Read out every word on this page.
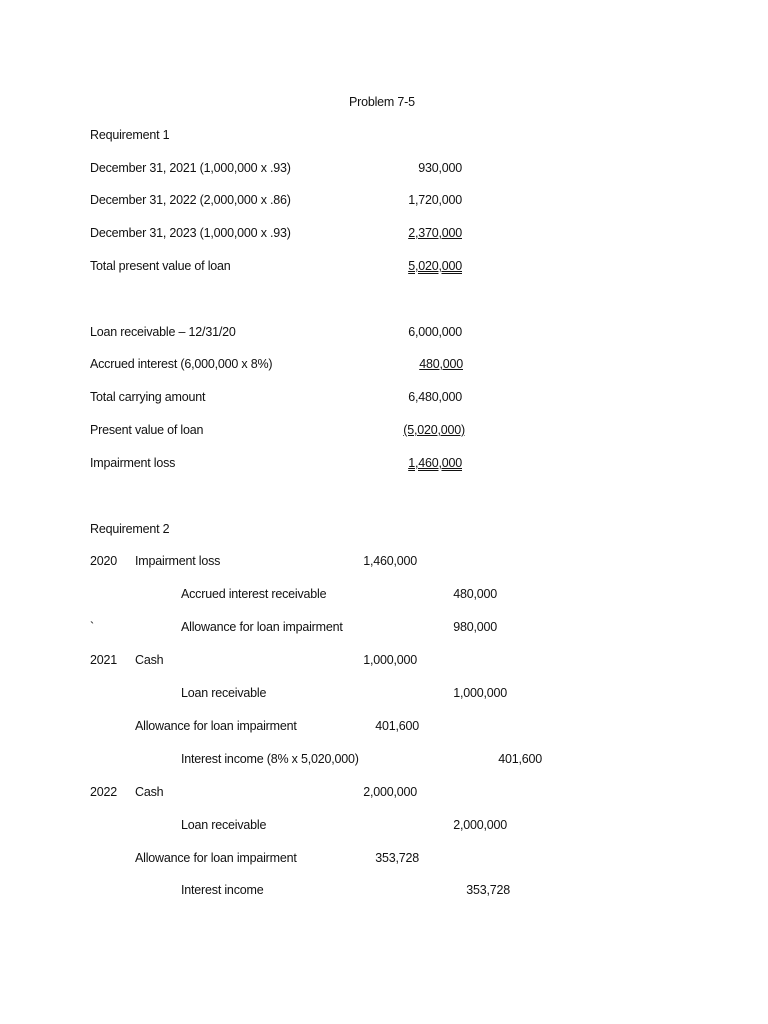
Problem 7-5
Requirement 1
December 31, 2021 (1,000,000 x .93)	930,000
December 31, 2022 (2,000,000 x .86)	1,720,000
December 31, 2023 (1,000,000 x .93)	2,370,000
Total present value of loan	5,020,000
Loan receivable – 12/31/20	6,000,000
Accrued interest (6,000,000 x 8%)	480,000
Total carrying amount	6,480,000
Present value of loan	(5,020,000)
Impairment loss	1,460,000
Requirement 2
2020 Impairment loss	1,460,000
Accrued interest receivable	480,000
`	Allowance for loan impairment	980,000
2021 Cash	1,000,000
Loan receivable	1,000,000
Allowance for loan impairment	401,600
Interest income (8% x 5,020,000)	401,600
2022 Cash	2,000,000
Loan receivable	2,000,000
Allowance for loan impairment	353,728
Interest income	353,728
